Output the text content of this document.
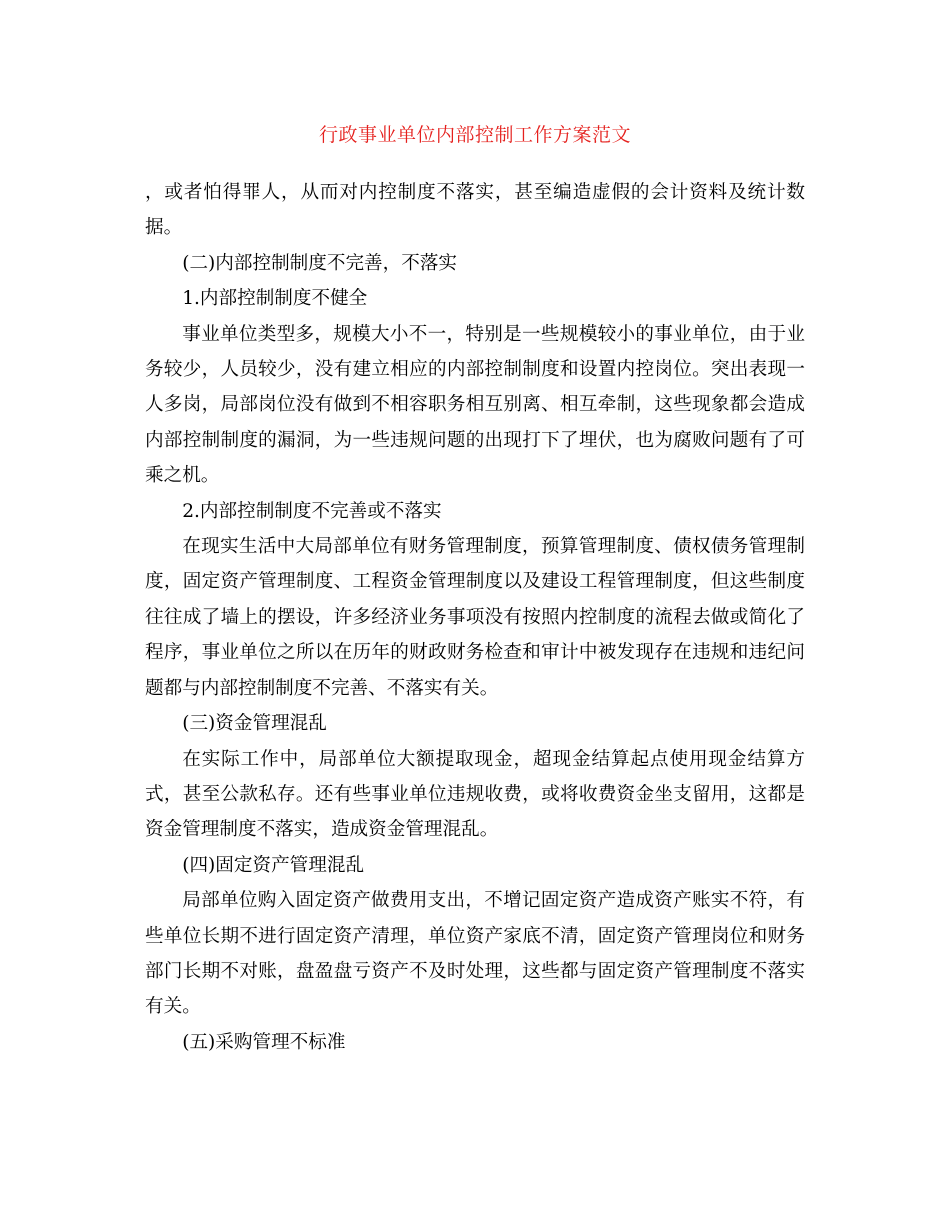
行政事业单位内部控制工作方案范文

，或者怕得罪人，从而对内控制度不落实，甚至编造虚假的会计资料及统计数据。

(二)内部控制制度不完善，不落实

1.内部控制制度不健全

事业单位类型多，规模大小不一，特别是一些规模较小的事业单位，由于业务较少，人员较少，没有建立相应的内部控制制度和设置内控岗位。突出表现一人多岗，局部岗位没有做到不相容职务相互别离、相互牵制，这些现象都会造成内部控制制度的漏洞，为一些违规问题的出现打下了埋伏，也为腐败问题有了可乘之机。

2.内部控制制度不完善或不落实

在现实生活中大局部单位有财务管理制度，预算管理制度、债权债务管理制度，固定资产管理制度、工程资金管理制度以及建设工程管理制度，但这些制度往往成了墙上的摆设，许多经济业务事项没有按照内控制度的流程去做或简化了程序，事业单位之所以在历年的财政财务检查和审计中被发现存在违规和违纪问题都与内部控制制度不完善、不落实有关。

(三)资金管理混乱

在实际工作中，局部单位大额提取现金，超现金结算起点使用现金结算方式，甚至公款私存。还有些事业单位违规收费，或将收费资金坐支留用，这都是资金管理制度不落实，造成资金管理混乱。

(四)固定资产管理混乱

局部单位购入固定资产做费用支出，不增记固定资产造成资产账实不符，有些单位长期不进行固定资产清理，单位资产家底不清，固定资产管理岗位和财务部门长期不对账，盘盈盘亏资产不及时处理，这些都与固定资产管理制度不落实有关。

(五)采购管理不标准
